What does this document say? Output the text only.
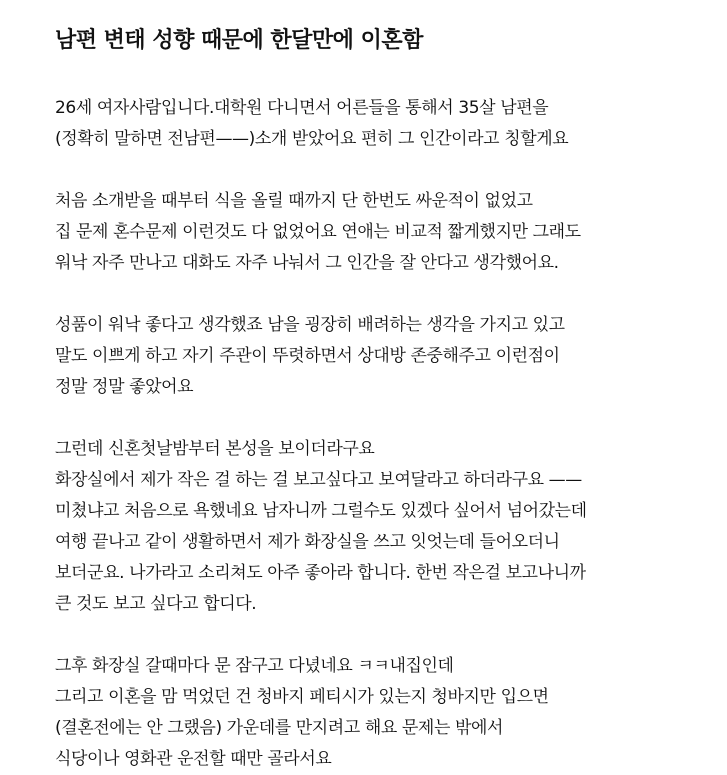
남편 변태 성향 때문에 한달만에 이혼함
26세 여자사람입니다.대학원 다니면서 어른들을 통해서 35살 남편을
(정확히 말하면 전남편——)소개 받았어요 편히 그 인간이라고 칭할게요
처음 소개받을 때부터 식을 올릴 때까지 단 한번도 싸운적이 없었고
집 문제 혼수문제 이런것도 다 없었어요 연애는 비교적 짧게했지만 그래도
워낙 자주 만나고 대화도 자주 나눠서 그 인간을 잘 안다고 생각했어요.
성품이 워낙 좋다고 생각했죠 남을 굉장히 배려하는 생각을 가지고 있고
말도 이쁘게 하고 자기 주관이 뚜렷하면서 상대방 존중해주고 이런점이
정말 정말 좋았어요
그런데 신혼첫날밤부터 본성을 보이더라구요
화장실에서 제가 작은 걸 하는 걸 보고싶다고 보여달라고 하더라구요 ——
미쳤냐고 처음으로 욕했네요 남자니까 그럴수도 있겠다 싶어서 넘어갔는데
여행 끝나고 같이 생활하면서 제가 화장실을 쓰고 잇엇는데 들어오더니
보더군요. 나가라고 소리쳐도 아주 좋아라 합니다. 한번 작은걸 보고나니까
큰 것도 보고 싶다고 합디다.
그후 화장실 갈때마다 문 잠구고 다녔네요 ㅋㅋ내집인데
그리고 이혼을 맘 먹었던 건 청바지 페티시가 있는지 청바지만 입으면
(결혼전에는 안 그랬음) 가운데를 만지려고 해요 문제는 밖에서
식당이나 영화관 운전할 때만 골라서요
